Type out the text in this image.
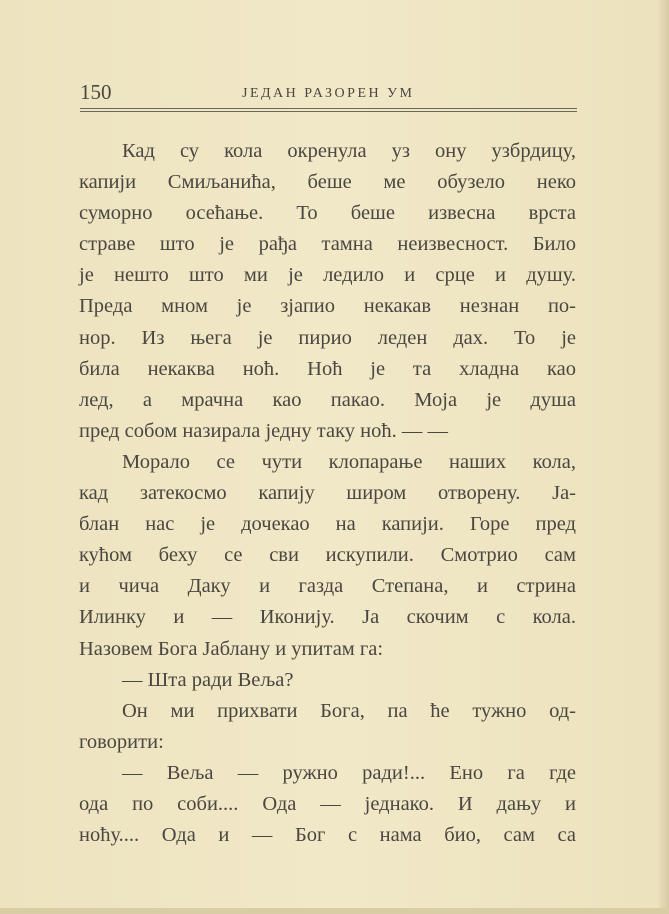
150	ЈЕДАН РАЗОРЕН УМ
Кад су кола окренула уз ону узбрдицу,
капији Смиљанића, беше ме обузело неко
суморно осећање. То беше извесна врста
страве што је рађа тамна неизвесност. Било
је нешто што ми је ледило и срце и душу.
Преда мном је зјапио некакав незнан по-
нор. Из њега је пирио леден дах. То је
била некаква ноћ. Ноћ је та хладна као
лед, а мрачна као пакао. Моја је душа
пред собом назирала једну таку ноћ. — —
Морало се чути клопарање наших кола,
кад затекосмо капију широм отворену. Ја-
блан нас је дочекао на капији. Горе пред
кућом беху се сви искупили. Смотрио сам
и чича Даку и газда Степана, и стрина
Илинку и — Иконију. Ја скочим с кола.
Назовем Бога Јаблану и упитам га:
— Шта ради Веља?
Он ми прихвати Бога, па ће тужно од-
говорити:
— Веља — ружно ради!... Ено га где
ода по соби.... Ода — једнако. И дању и
ноћу.... Ода и — Бог с нама био, сам са
